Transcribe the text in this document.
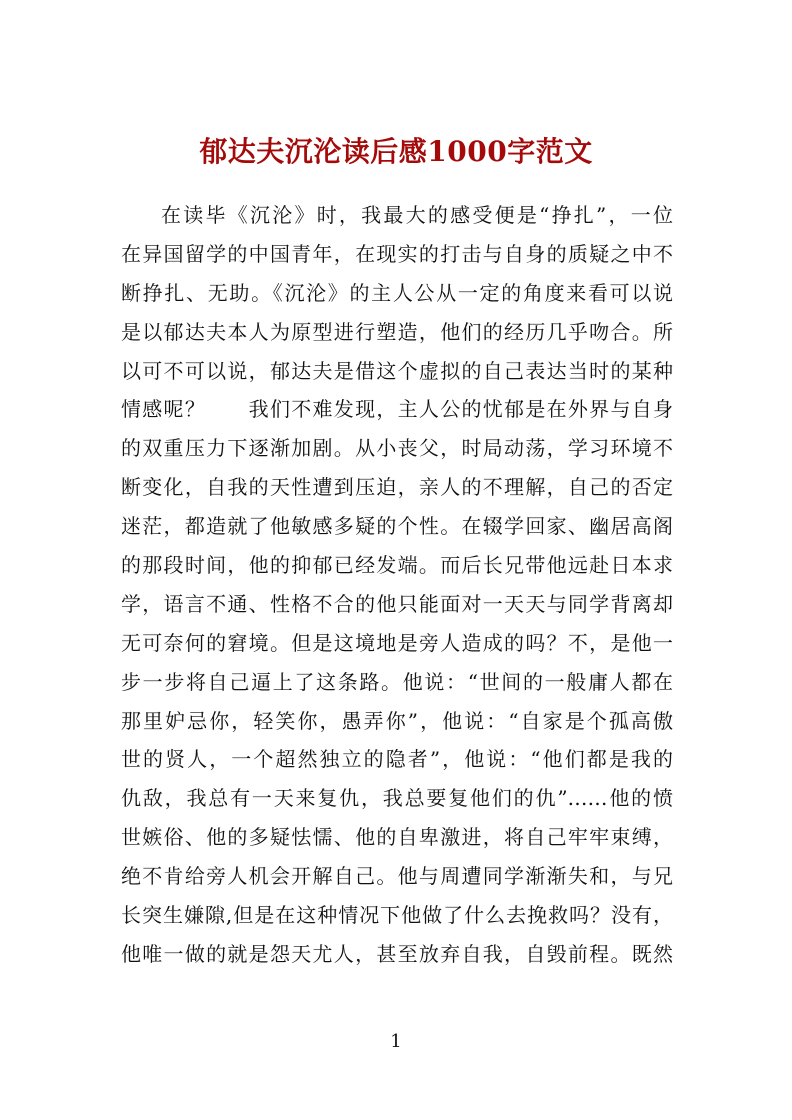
郁达夫沉沦读后感1000字范文
在读毕《沉沦》时，我最大的感受便是“挣扎”，一位
在异国留学的中国青年，在现实的打击与自身的质疑之中不
断挣扎、无助。《沉沦》的主人公从一定的角度来看可以说
是以郁达夫本人为原型进行塑造，他们的经历几乎吻合。所
以可不可以说，郁达夫是借这个虚拟的自己表达当时的某种
情感呢？　　我们不难发现，主人公的忧郁是在外界与自身
的双重压力下逐渐加剧。从小丧父，时局动荡，学习环境不
断变化，自我的天性遭到压迫，亲人的不理解，自己的否定
迷茫，都造就了他敏感多疑的个性。在辍学回家、幽居高阁
的那段时间，他的抑郁已经发端。而后长兄带他远赴日本求
学，语言不通、性格不合的他只能面对一天天与同学背离却
无可奈何的窘境。但是这境地是旁人造成的吗？不，是他一
步一步将自己逼上了这条路。他说：“世间的一般庸人都在
那里妒忌你，轻笑你，愚弄你”，他说：“自家是个孤高傲
世的贤人，一个超然独立的隐者”，他说：“他们都是我的
仇敌，我总有一天来复仇，我总要复他们的仇”……他的愤
世嫉俗、他的多疑怯懦、他的自卑激进，将自己牢牢束缚，
绝不肯给旁人机会开解自己。他与周遭同学渐渐失和，与兄
长突生嫌隙,但是在这种情况下他做了什么去挽救吗？没有，
他唯一做的就是怨天尤人，甚至放弃自我，自毁前程。既然
1
